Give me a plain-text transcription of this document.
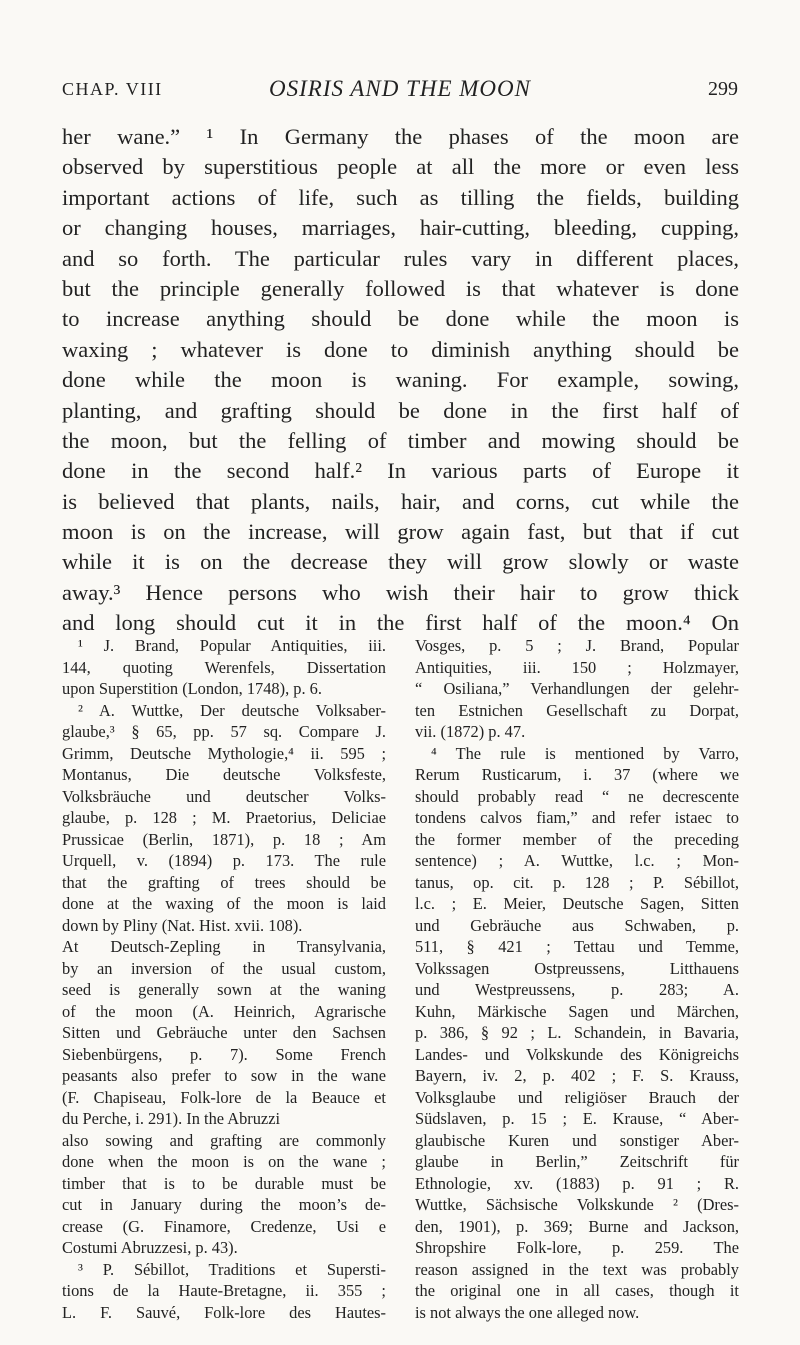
CHAP. VIII	OSIRIS AND THE MOON	299
her wane.” ¹ In Germany the phases of the moon are
observed by superstitious people at all the more or even less
important actions of life, such as tilling the fields, building
or changing houses, marriages, hair-cutting, bleeding, cupping,
and so forth. The particular rules vary in different places,
but the principle generally followed is that whatever is done
to increase anything should be done while the moon is
waxing ; whatever is done to diminish anything should be
done while the moon is waning. For example, sowing,
planting, and grafting should be done in the first half of
the moon, but the felling of timber and mowing should be
done in the second half.² In various parts of Europe it
is believed that plants, nails, hair, and corns, cut while the
moon is on the increase, will grow again fast, but that if cut
while it is on the decrease they will grow slowly or waste
away.³ Hence persons who wish their hair to grow thick
and long should cut it in the first half of the moon.⁴ On
¹ J. Brand, Popular Antiquities, iii.
144, quoting Werenfels, Dissertation
upon Superstition (London, 1748), p. 6.
² A. Wuttke, Der deutsche Volksaber-
glaube,³ § 65, pp. 57 sq. Compare J.
Grimm, Deutsche Mythologie,⁴ ii. 595 ;
Montanus, Die deutsche Volksfeste,
Volksbräuche und deutscher Volks-
glaube, p. 128 ; M. Praetorius, Deliciae
Prussicae (Berlin, 1871), p. 18 ; Am
Urquell, v. (1894) p. 173. The rule
that the grafting of trees should be
done at the waxing of the moon is laid
down by Pliny (Nat. Hist. xvii. 108).
At Deutsch-Zepling in Transylvania,
by an inversion of the usual custom,
seed is generally sown at the waning
of the moon (A. Heinrich, Agrarische
Sitten und Gebräuche unter den Sachsen
Siebenbürgens, p. 7). Some French
peasants also prefer to sow in the wane
(F. Chapiseau, Folk-lore de la Beauce et
du Perche, i. 291). In the Abruzzi
also sowing and grafting are commonly
done when the moon is on the wane ;
timber that is to be durable must be
cut in January during the moon’s de-
crease (G. Finamore, Credenze, Usi e
Costumi Abruzzesi, p. 43).
³ P. Sébillot, Traditions et Supersti-
tions de la Haute-Bretagne, ii. 355 ;
L. F. Sauvé, Folk-lore des Hautes-
Vosges, p. 5 ; J. Brand, Popular
Antiquities, iii. 150 ; Holzmayer,
“ Osiliana,” Verhandlungen der gelehr-
ten Estnichen Gesellschaft zu Dorpat,
vii. (1872) p. 47.
⁴ The rule is mentioned by Varro,
Rerum Rusticarum, i. 37 (where we
should probably read “ ne decrescente
tondens calvos fiam,” and refer istaec to
the former member of the preceding
sentence) ; A. Wuttke, l.c. ; Mon-
tanus, op. cit. p. 128 ; P. Sébillot,
l.c. ; E. Meier, Deutsche Sagen, Sitten
und Gebräuche aus Schwaben, p.
511, § 421 ; Tettau und Temme,
Volkssagen Ostpreussens, Litthauens
und Westpreussens, p. 283; A.
Kuhn, Märkische Sagen und Märchen,
p. 386, § 92 ; L. Schandein, in Bavaria,
Landes- und Volkskunde des Königreichs
Bayern, iv. 2, p. 402 ; F. S. Krauss,
Volksglaube und religiöser Brauch der
Südslaven, p. 15 ; E. Krause, “ Aber-
glaubische Kuren und sonstiger Aber-
glaube in Berlin,” Zeitschrift für
Ethnologie, xv. (1883) p. 91 ; R.
Wuttke, Sächsische Volkskunde ² (Dres-
den, 1901), p. 369; Burne and Jackson,
Shropshire Folk-lore, p. 259. The
reason assigned in the text was probably
the original one in all cases, though it
is not always the one alleged now.
